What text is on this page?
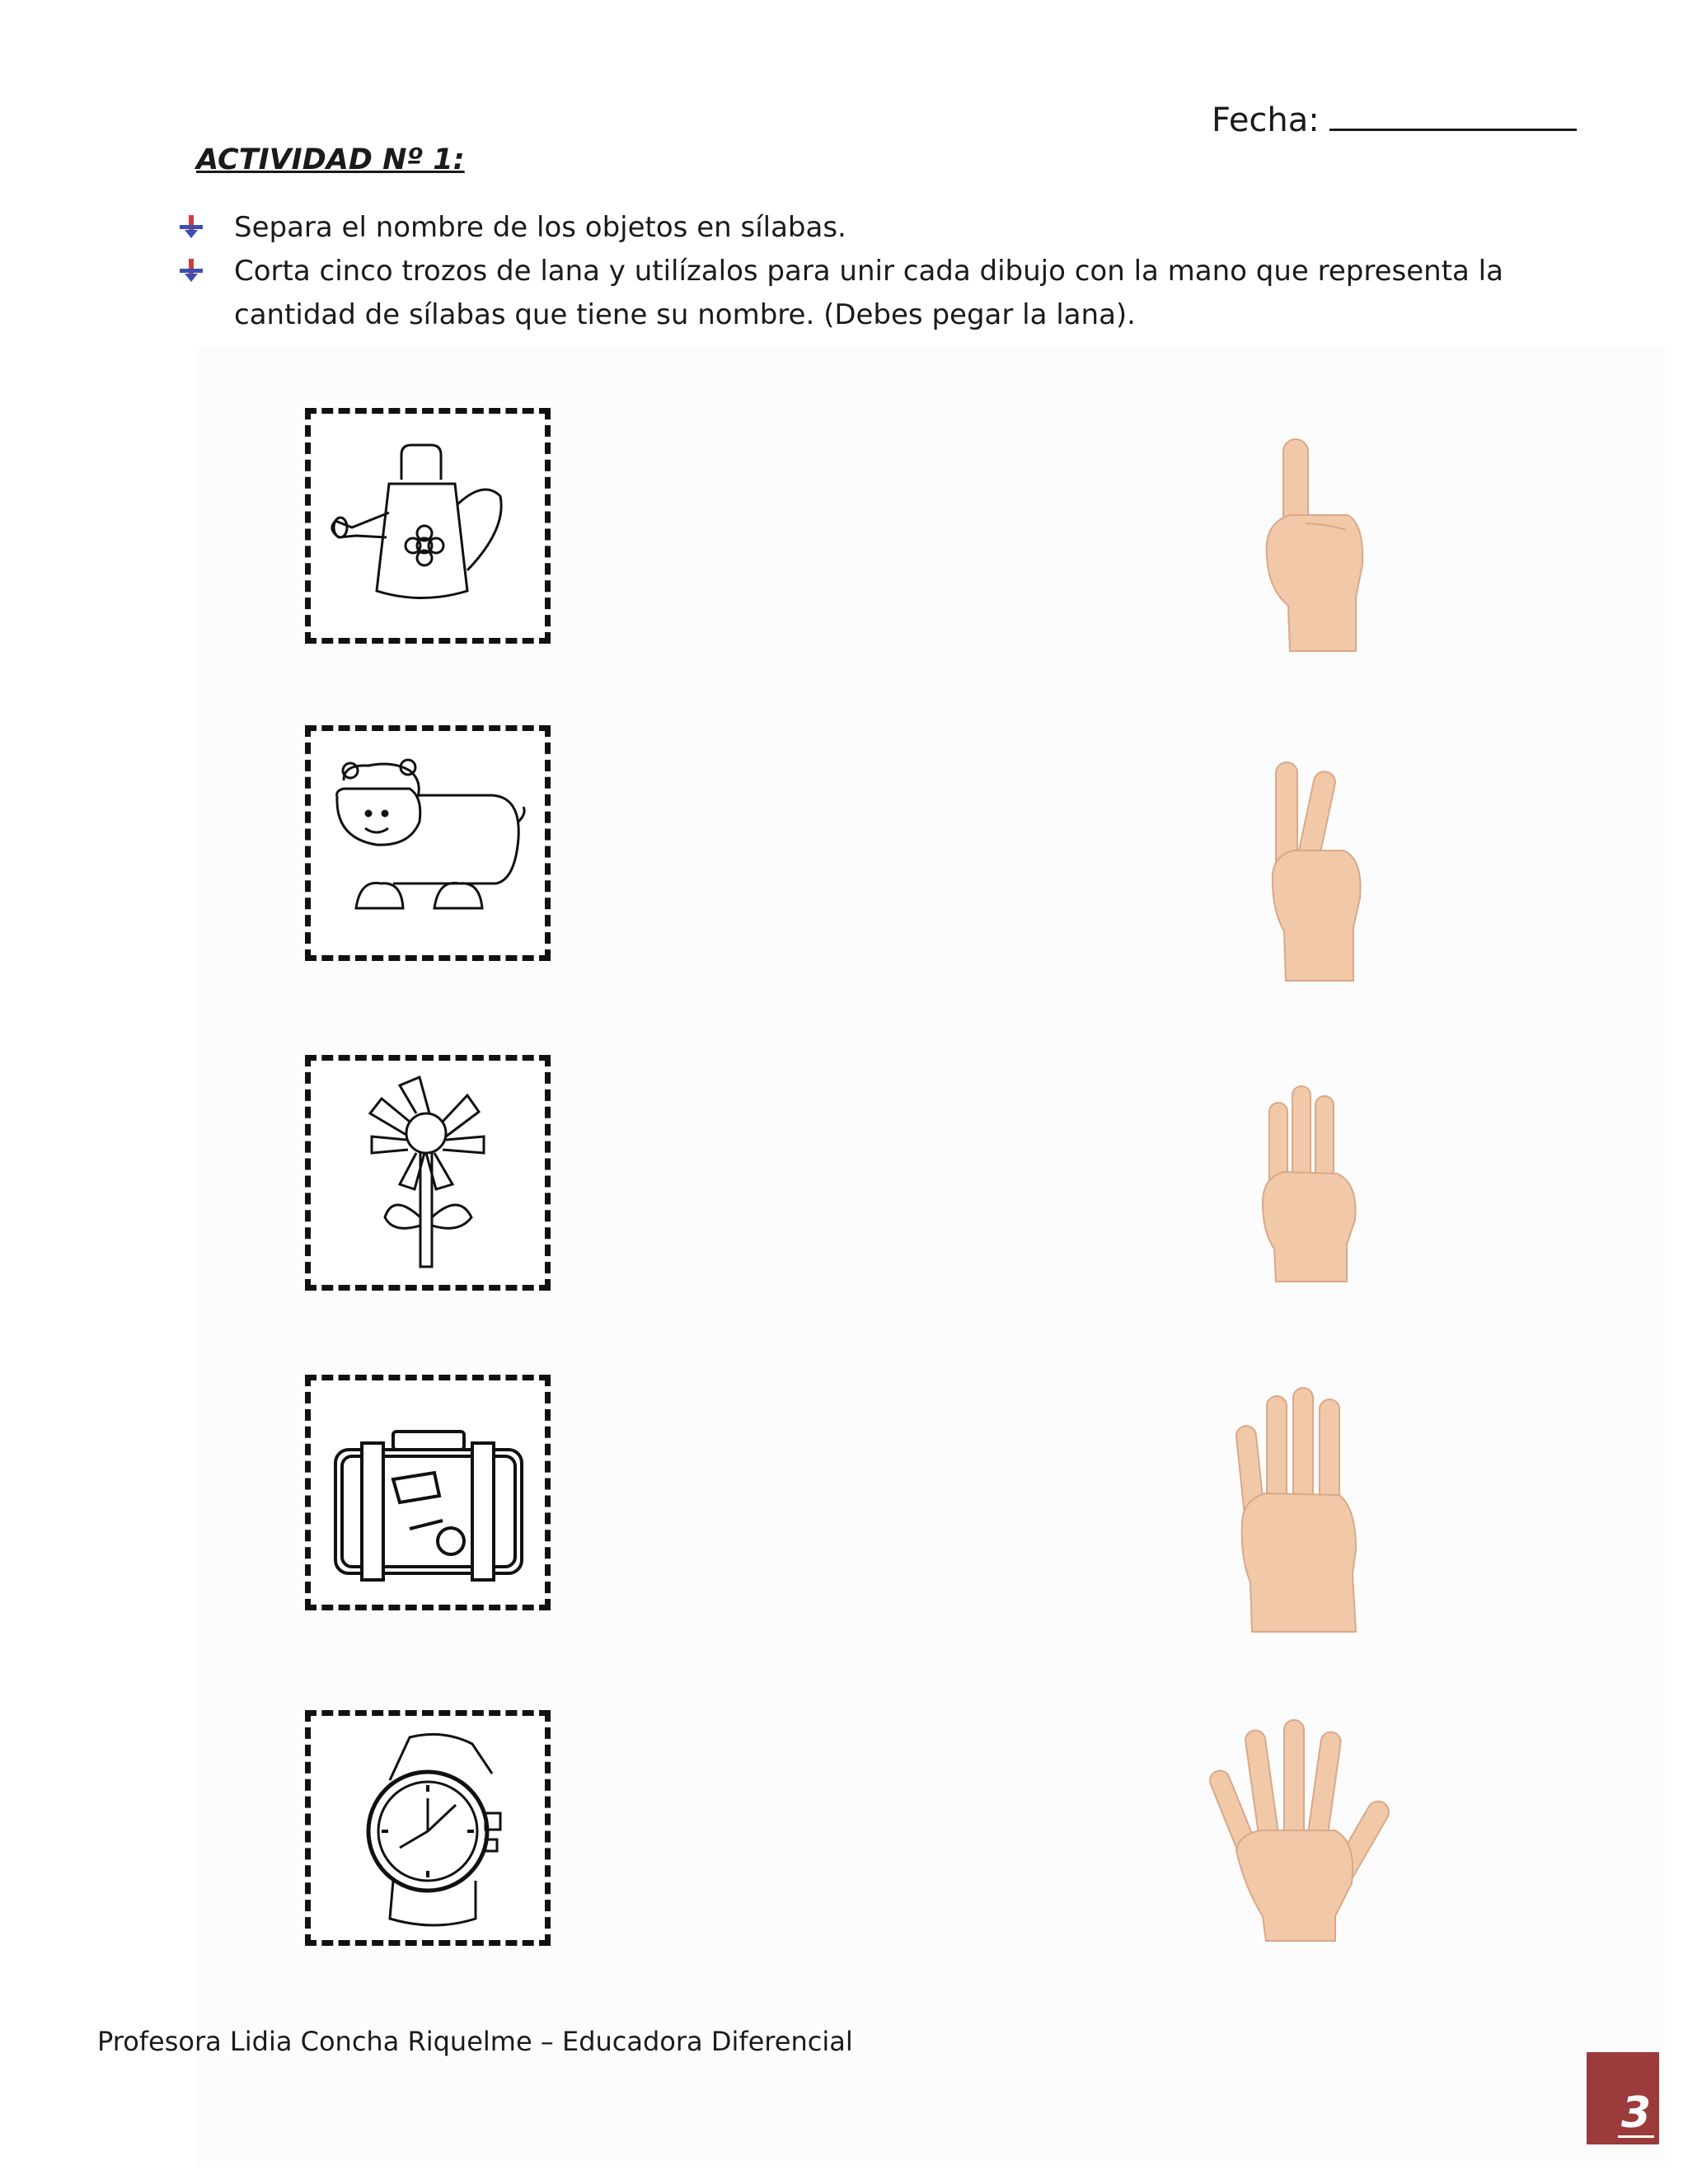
Fecha:
ACTIVIDAD Nº 1:
Separa el nombre de los objetos en sílabas.
Corta cinco trozos de lana y utilízalos para unir cada dibujo con la mano que representa la cantidad de sílabas que tiene su nombre. (Debes pegar la lana).
Profesora Lidia Concha Riquelme – Educadora Diferencial
3
